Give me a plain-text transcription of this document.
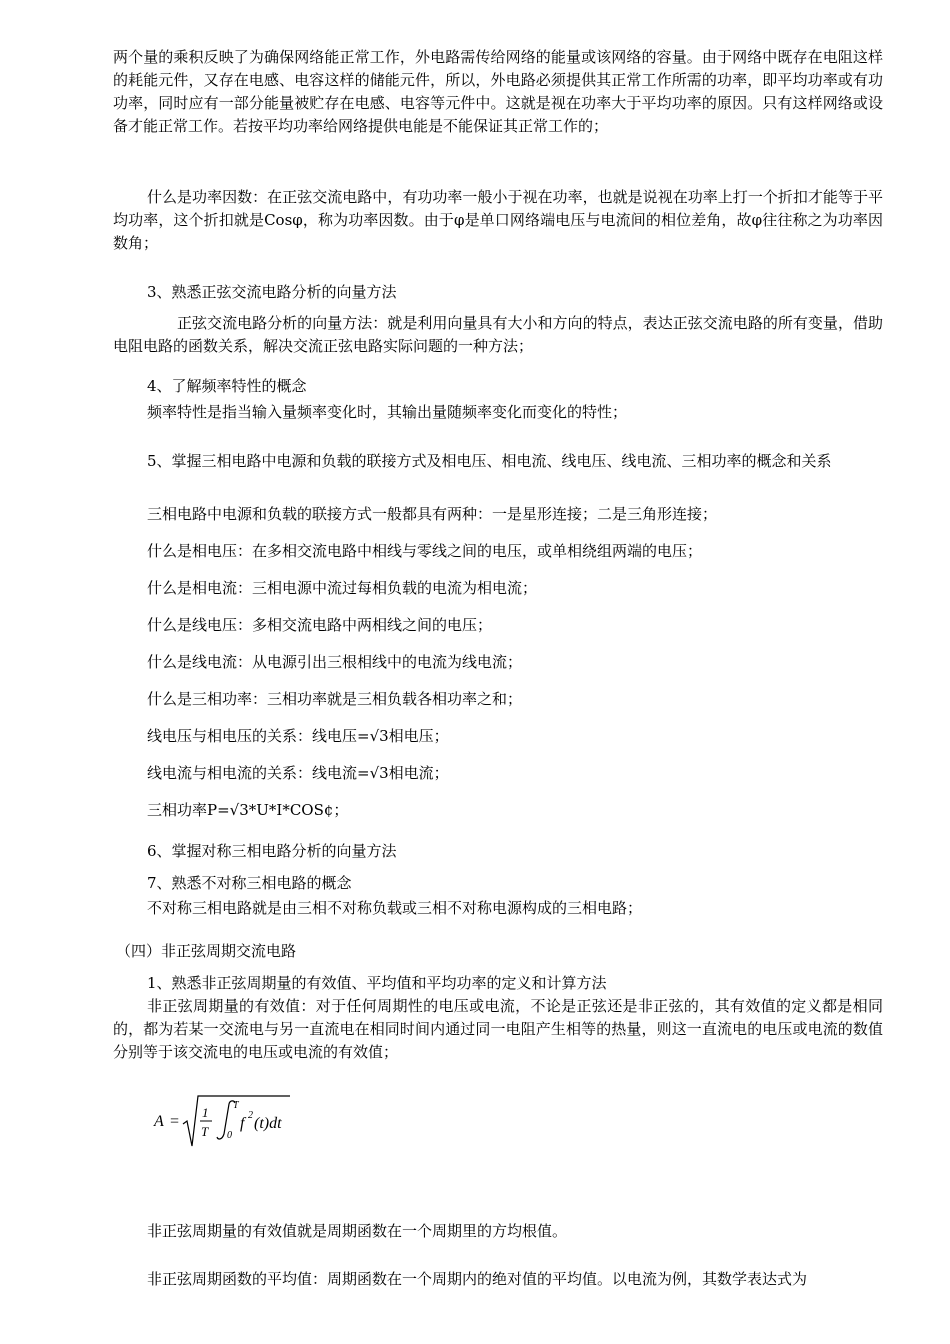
两个量的乘积反映了为确保网络能正常工作，外电路需传给网络的能量或该网络的容量。由于网络中既存在电阻这样的耗能元件，又存在电感、电容这样的储能元件，所以，外电路必须提供其正常工作所需的功率，即平均功率或有功功率，同时应有一部分能量被贮存在电感、电容等元件中。这就是视在功率大于平均功率的原因。只有这样网络或设备才能正常工作。若按平均功率给网络提供电能是不能保证其正常工作的；

什么是功率因数：在正弦交流电路中，有功功率一般小于视在功率，也就是说视在功率上打一个折扣才能等于平均功率，这个折扣就是Cosφ，称为功率因数。由于φ是单口网络端电压与电流间的相位差角，故φ往往称之为功率因数角；

3、熟悉正弦交流电路分析的向量方法

正弦交流电路分析的向量方法：就是利用向量具有大小和方向的特点，表达正弦交流电路的所有变量，借助电阻电路的函数关系，解决交流正弦电路实际问题的一种方法；

4、了解频率特性的概念

频率特性是指当输入量频率变化时，其输出量随频率变化而变化的特性；

5、掌握三相电路中电源和负载的联接方式及相电压、相电流、线电压、线电流、三相功率的概念和关系

三相电路中电源和负载的联接方式一般都具有两种：一是星形连接；二是三角形连接；

什么是相电压：在多相交流电路中相线与零线之间的电压，或单相绕组两端的电压；

什么是相电流：三相电源中流过每相负载的电流为相电流；

什么是线电压：多相交流电路中两相线之间的电压；

什么是线电流：从电源引出三根相线中的电流为线电流；

什么是三相功率：三相功率就是三相负载各相功率之和；

线电压与相电压的关系：线电压=√3相电压；

线电流与相电流的关系：线电流=√3相电流；

三相功率P=√3*U*I*COS¢；

6、掌握对称三相电路分析的向量方法

7、熟悉不对称三相电路的概念

不对称三相电路就是由三相不对称负载或三相不对称电源构成的三相电路；

（四）非正弦周期交流电路

1、熟悉非正弦周期量的有效值、平均值和平均功率的定义和计算方法

非正弦周期量的有效值：对于任何周期性的电压或电流，不论是正弦还是非正弦的，其有效值的定义都是相同的，都为若某一交流电与另一直流电在相同时间内通过同一电阻产生相等的热量，则这一直流电的电压或电流的数值分别等于该交流电的电压或电流的有效值；

A =
1
T
T
0
f 2 (t)dt

非正弦周期量的有效值就是周期函数在一个周期里的方均根值。

非正弦周期函数的平均值：周期函数在一个周期内的绝对值的平均值。以电流为例，其数学表达式为
